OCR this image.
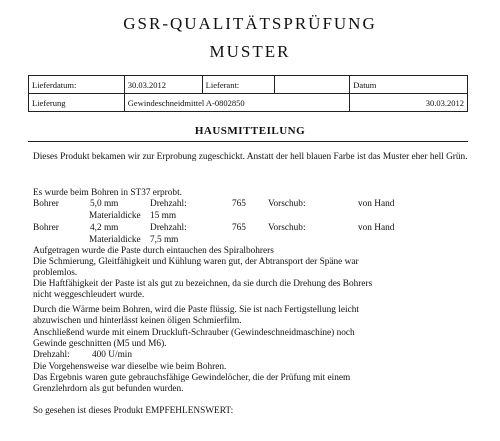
GSR-QUALITÄTSPRÜFUNG
MUSTER
Lieferdatum:	30.03.2012	Lieferant:		Datum
Lieferung	Gewindeschneidmittel A-0802850			30.03.2012
HAUSMITTEILUNG
Dieses Produkt bekamen wir zur Erprobung zugeschickt. Anstatt der hell blauen Farbe ist das Muster eher hell Grün.
Es wurde beim Bohren in ST37 erprobt.
Bohrer	5,0 mm	Drehzahl:	765 Vorschub:	von Hand
Materialdicke 15 mm
Bohrer	4,2 mm	Drehzahl:	765 Vorschub:	von Hand
Materialdicke 7,5 mm
Aufgetragen wurde die Paste durch eintauchen des Spiralbohrers
Die Schmierung, Gleitfähigkeit und Kühlung waren gut, der Abtransport der Späne war
problemlos.
Die Haftfähigkeit der Paste ist als gut zu bezeichnen, da sie durch die Drehung des Bohrers
nicht weggeschleudert wurde.
Durch die Wärme beim Bohren, wird die Paste flüssig. Sie ist nach Fertigstellung leicht
abzuwischen und hinterlässt keinen öligen Schmierfilm.
Anschließend wurde mit einem Druckluft-Schrauber (Gewindeschneidmaschine) noch
Gewinde geschnitten (M5 und M6).
Drehzahl: 400 U/min
Die Vorgehensweise war dieselbe wie beim Bohren.
Das Ergebnis waren gute gebrauchsfähige Gewindelöcher, die der Prüfung mit einem
Grenzlehrdorn als gut befunden wurden.
So gesehen ist dieses Produkt EMPFEHLENSWERT:
